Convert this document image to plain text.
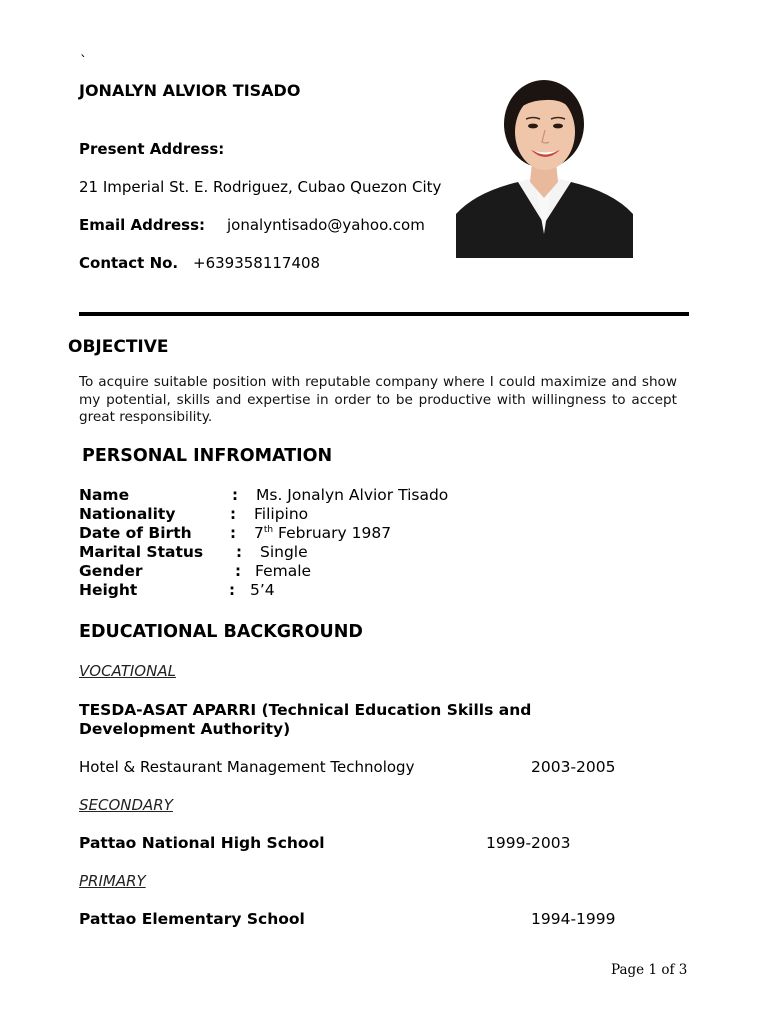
`
JONALYN ALVIOR TISADO
Present Address:
21 Imperial St. E. Rodriguez, Cubao Quezon City
Email Address: jonalyntisado@yahoo.com
Contact No. +639358117408
OBJECTIVE
To acquire suitable position with reputable company where I could maximize and show my potential, skills and expertise in order to be productive with willingness to accept great responsibility.
PERSONAL INFROMATION
Name	: Ms. Jonalyn Alvior Tisado
Nationality	: Filipino
Date of Birth	: 7th February 1987
Marital Status : Single
Gender	: Female
Height	: 5’4
EDUCATIONAL BACKGROUND
VOCATIONAL
TESDA-ASAT APARRI (Technical Education Skills and
Development Authority)
Hotel & Restaurant Management Technology	2003-2005
SECONDARY
Pattao National High School	1999-2003
PRIMARY
Pattao Elementary School	1994-1999
Page 1 of 3
